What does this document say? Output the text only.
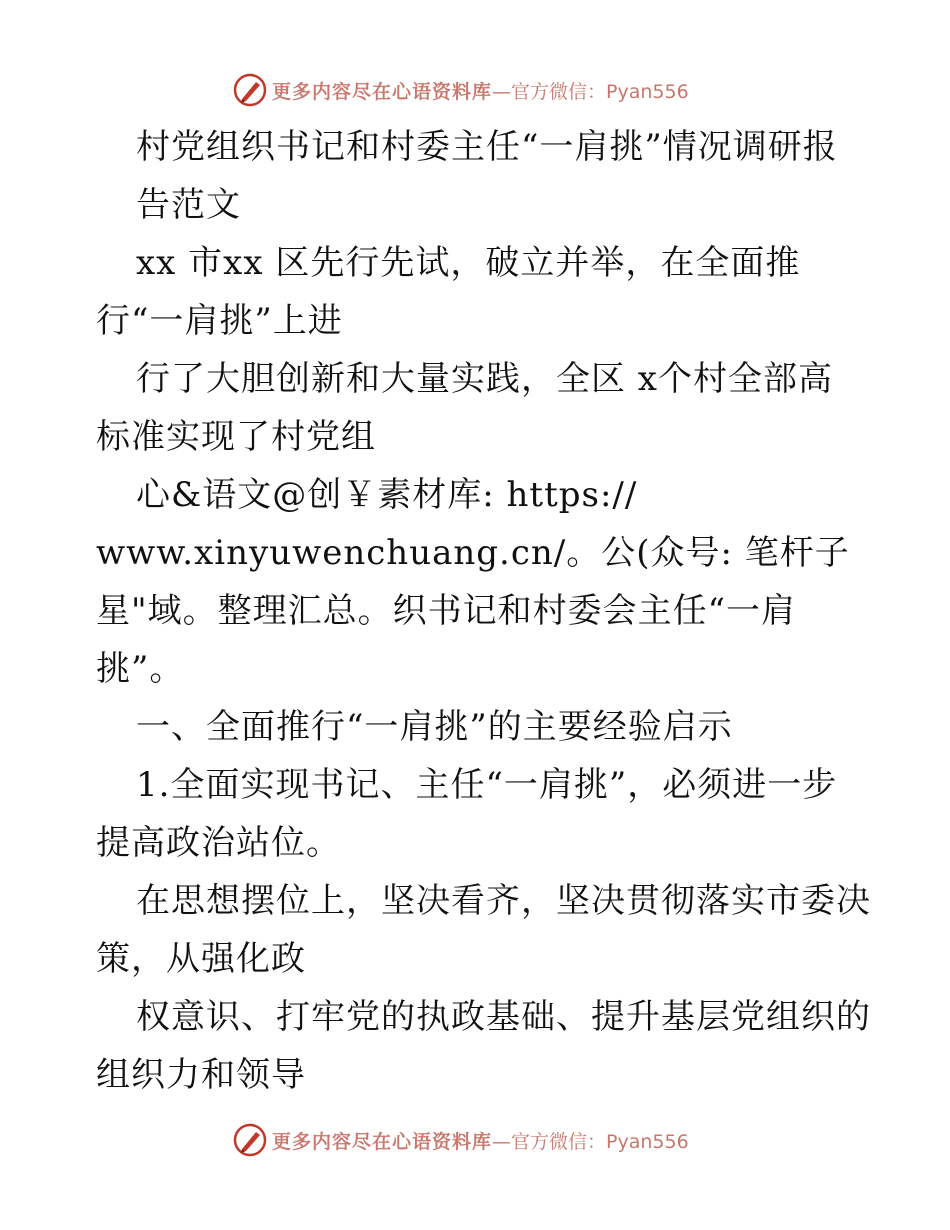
更多内容尽在心语资料库 —官方微信：Pyan556

村党组织书记和村委主任“一肩挑”情况调研报

告范文

xx 市xx 区先行先试，破立并举，在全面推

行“一肩挑”上进

行了大胆创新和大量实践，全区 x个村全部高

标准实现了村党组

心&语文@创￥素材库: https://

www.xinyuwenchuang.cn/。公(众号: 笔杆子

星"域。整理汇总。织书记和村委会主任“一肩

挑”。

一、全面推行“一肩挑”的主要经验启示

1.全面实现书记、主任“一肩挑”，必须进一步

提高政治站位。

在思想摆位上，坚决看齐，坚决贯彻落实市委决

策，从强化政

权意识、打牢党的执政基础、提升基层党组织的

组织力和领导

更多内容尽在心语资料库 —官方微信：Pyan556
